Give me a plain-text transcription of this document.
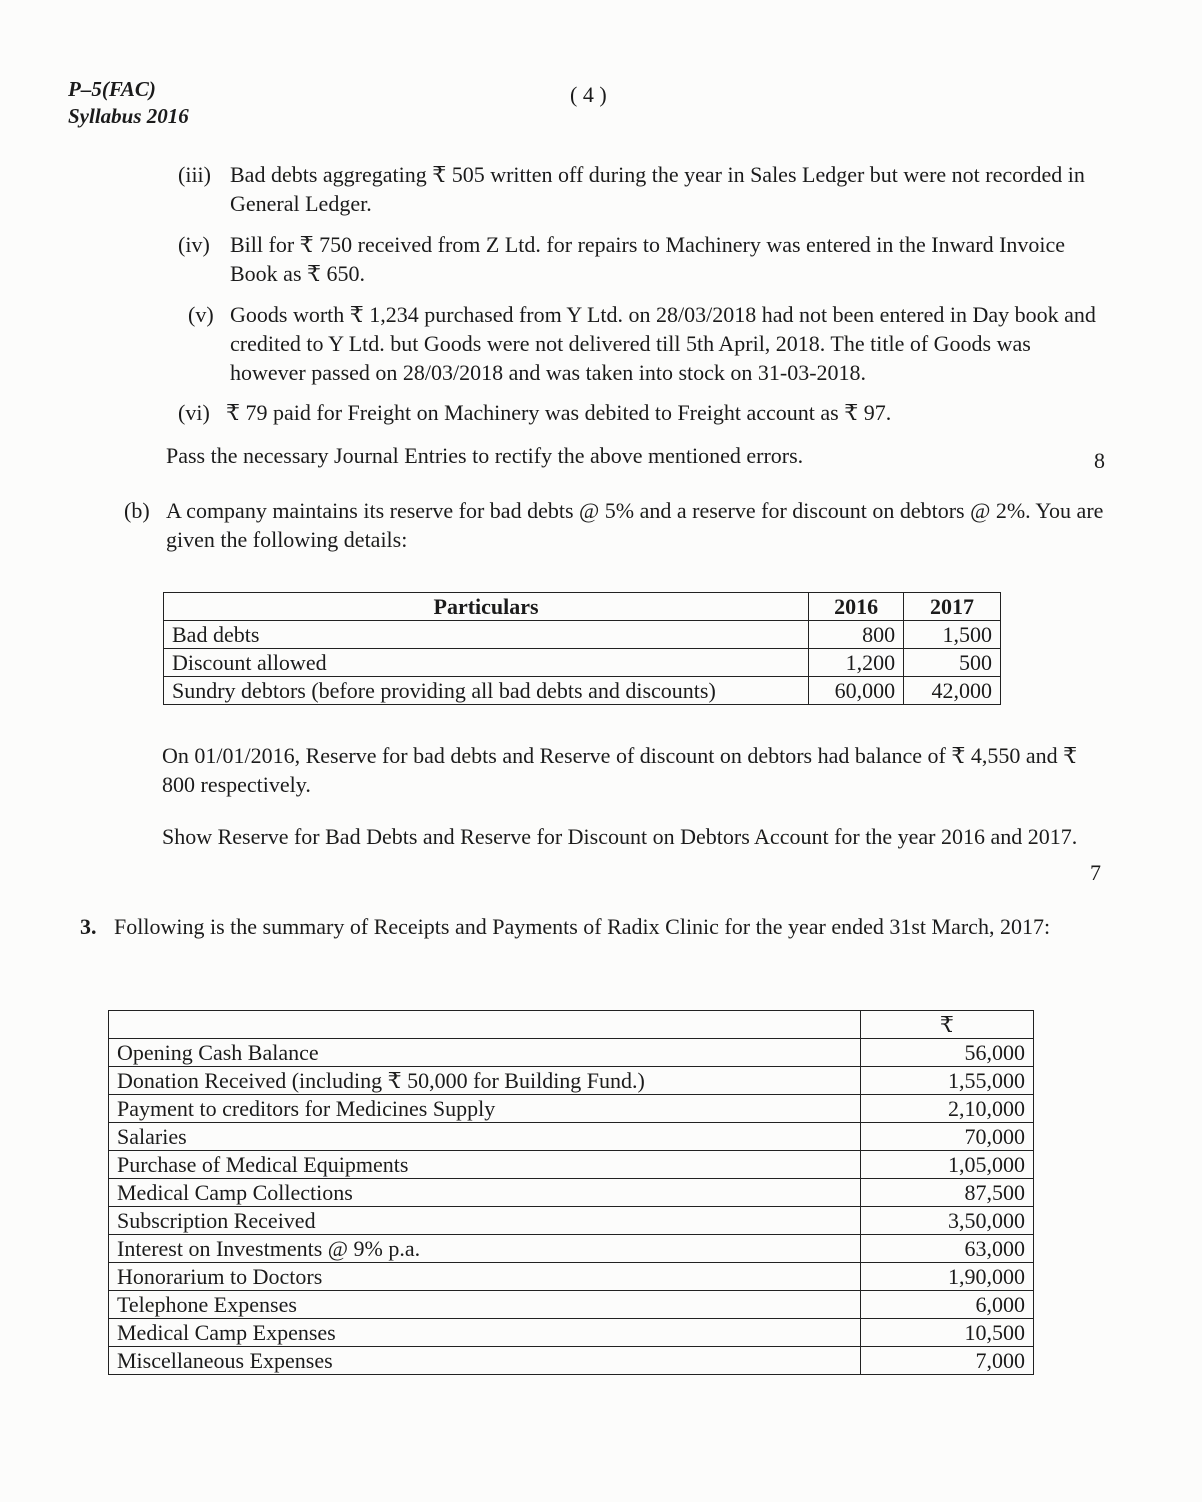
P–5(FAC)
Syllabus 2016
( 4 )
(iii) Bad debts aggregating ₹ 505 written off during the year in Sales Ledger but were not recorded in General Ledger.
(iv) Bill for ₹ 750 received from Z Ltd. for repairs to Machinery was entered in the Inward Invoice Book as ₹ 650.
(v) Goods worth ₹ 1,234 purchased from Y Ltd. on 28/03/2018 had not been entered in Day book and credited to Y Ltd. but Goods were not delivered till 5th April, 2018. The title of Goods was however passed on 28/03/2018 and was taken into stock on 31-03-2018.
(vi) ₹ 79 paid for Freight on Machinery was debited to Freight account as ₹ 97.
Pass the necessary Journal Entries to rectify the above mentioned errors.	8
(b) A company maintains its reserve for bad debts @ 5% and a reserve for discount on debtors @ 2%. You are given the following details:
Particulars	2016	2017
Bad debts	800	1,500
Discount allowed	1,200	500
Sundry debtors (before providing all bad debts and discounts)	60,000	42,000
On 01/01/2016, Reserve for bad debts and Reserve of discount on debtors had balance of ₹ 4,550 and ₹ 800 respectively.
Show Reserve for Bad Debts and Reserve for Discount on Debtors Account for the year 2016 and 2017.
7
3. Following is the summary of Receipts and Payments of Radix Clinic for the year ended 31st March, 2017:
	₹
Opening Cash Balance	56,000
Donation Received (including ₹ 50,000 for Building Fund.)	1,55,000
Payment to creditors for Medicines Supply	2,10,000
Salaries	70,000
Purchase of Medical Equipments	1,05,000
Medical Camp Collections	87,500
Subscription Received	3,50,000
Interest on Investments @ 9% p.a.	63,000
Honorarium to Doctors	1,90,000
Telephone Expenses	6,000
Medical Camp Expenses	10,500
Miscellaneous Expenses	7,000
